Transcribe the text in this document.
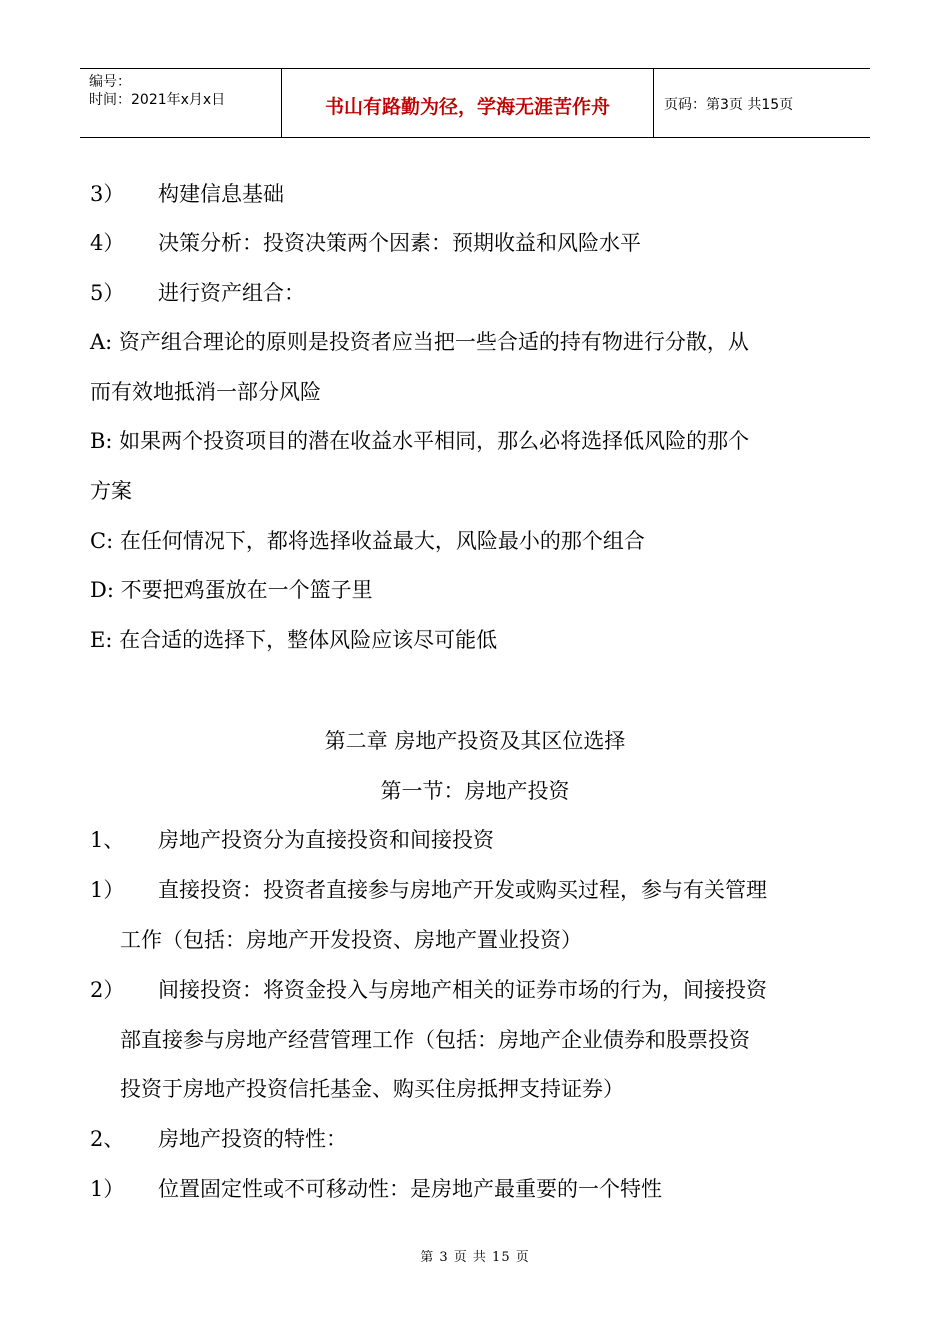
编号：
时间：2021年x月x日	书山有路勤为径，学海无涯苦作舟	页码：第3页 共15页
3） 构建信息基础
4） 决策分析：投资决策两个因素：预期收益和风险水平
5） 进行资产组合：
A: 资产组合理论的原则是投资者应当把一些合适的持有物进行分散，从
而有效地抵消一部分风险
B: 如果两个投资项目的潜在收益水平相同，那么必将选择低风险的那个
方案
C: 在任何情况下，都将选择收益最大，风险最小的那个组合
D: 不要把鸡蛋放在一个篮子里
E: 在合适的选择下，整体风险应该尽可能低
第二章 房地产投资及其区位选择
第一节：房地产投资
1、 房地产投资分为直接投资和间接投资
1） 直接投资：投资者直接参与房地产开发或购买过程，参与有关管理
工作（包括：房地产开发投资、房地产置业投资）
2） 间接投资：将资金投入与房地产相关的证券市场的行为，间接投资
部直接参与房地产经营管理工作（包括：房地产企业债券和股票投资
投资于房地产投资信托基金、购买住房抵押支持证券）
2、 房地产投资的特性：
1） 位置固定性或不可移动性：是房地产最重要的一个特性
第 3 页 共 15 页
